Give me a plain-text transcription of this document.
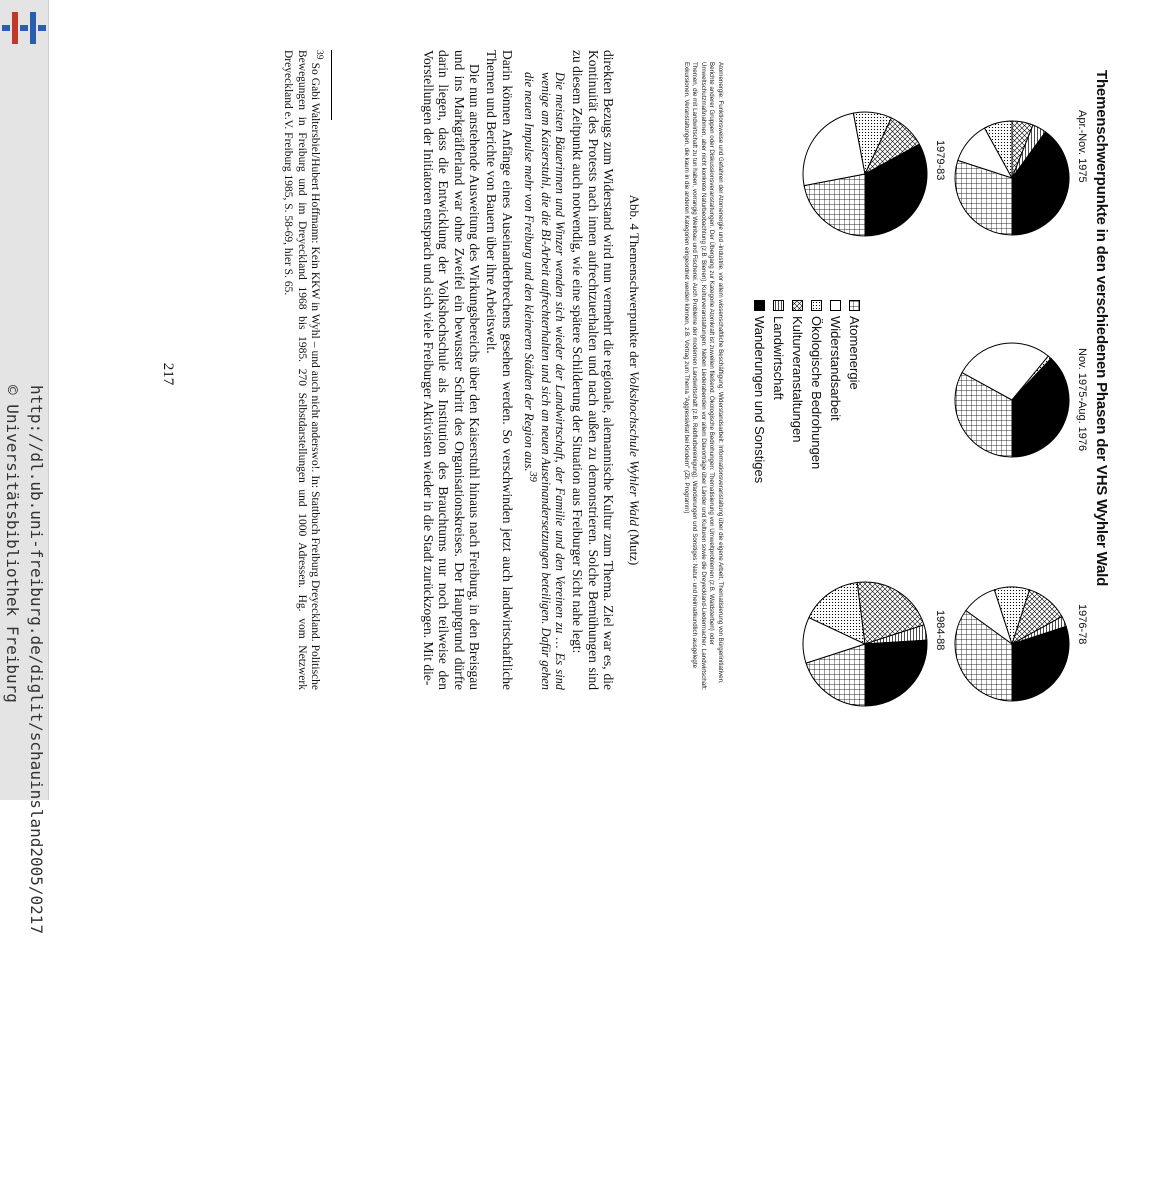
http://dl.ub.uni-freiburg.de/diglit/schauinsland2005/0217
© Universitätsbibliothek Freiburg	Themenschwerpunkte in den verschiedenen Phasen der VHS Wyhler Wald
Apr.-Nov. 1975
Nov. 1975-Aug. 1976
1976-78
1979-83
1984-88
Atomenergie
Widerstandsarbeit
Ökologische Bedrohungen
Kulturveranstaltungen
Landwirtschaft
Wanderungen und Sonstiges
Atomenergie: Funktionsweise und Gefahren der Atomenergie und -industrie, vor allem wissenschaftliche Beschäftigung. Widerstandsarbeit: Informationsveranstaltung über die eigene Arbeit, Thematisierung von Bürgerinitiativen, Berichte anderer Gruppen oder Diskussionsveranstaltungen. Der Übergang zur Kategorie Atomkraft ist zuweilen fließend. Ökologische Bedrohungen: Thematisierung von Umweltproblemen (z.B. Waldsterben) oder Umweltschutzmaßnahmen, aber nicht konkrete Naturbeobachtung (z.B. Bienen). Kulturveranstaltungen: Neben Liederabenden vor allem Diavorträge über Länder und Kulturen sowie die Dreyeckland-Liedermacher. Landwirtschaft: Themen, die mit Landwirtschaft zu tun haben, vorrangig Weinbau und Fischerei. Auch Probleme der modernen Landwirtschaft (z.B. Rebflurbereinigung). Wanderungen und Sonstiges: Natur- und heimatkundlich ausgelegte Exkursionen, Veranstaltungen, die kaum in die anderen Kategorien eingeordnet werden können, z.B. Vortrag zum Thema "Aggressivitat bei Kindern" (Zit. Programm)
Abb. 4 Themenschwerpunkte der Volkshochschule Wyhler Wald (Mutz)

direkten Bezugs zum Widerstand wird nun vermehrt die regionale, alemannische Kultur zum Thema. Ziel war es, die Kontinuität des Protests nach innen aufrechtzuerhalten und nach außen zu demonstrieren. Solche Bemühungen sind zu diesem Zeitpunkt auch notwendig, wie eine spätere Schilderung der Situation aus Freiburger Sicht nahe legt:

Die meisten Bäuerinnen und Winzer wenden sich wieder der Landwirtschaft, der Familie und den Vereinen zu … Es sind wenige am Kaiserstuhl, die die BI-Arbeit aufrechterhalten und sich an neuen Auseinandersetzungen beteiligen. Dafür gehen die neuen Impulse mehr von Freiburg und den kleineren Städten der Region aus.$^{39}$

Darin können Anfänge eines Auseinanderbrechens gesehen werden. So verschwinden jetzt auch landwirtschaftliche Themen und Berichte von Bauern über ihre Arbeitswelt.

Die nun anstehende Ausweitung des Wirkungsbereichs über den Kaiserstuhl hinaus nach Freiburg, in den Breisgau und ins Markgräflerland war ohne Zweifel ein bewusster Schritt des Organisationskreises. Der Hauptgrund dürfte darin liegen, dass die Entwicklung der Volkshochschule als Institution des Brauchtums nur noch teilweise den Vorstellungen der Initiatoren entsprach und sich viele Freiburger Aktivisten wieder in die Stadt zurückzogen. Mit die-

$^{39}$ So Gabi Waltersbiel/Hubert Hoffmann: Kein KKW in Wyhl – und auch nicht anderswo!. In: Stattbuch Freiburg Dreyeckland. Politische Bewegungen in Freiburg und im Dreyeckland 1968 bis 1985. 270 Selbstdarstellungen und 1000 Adressen. Hg. vom Netzwerk Dreyeckland e.V. Freiburg 1985, S. 58-69, hier S. 65.
217
